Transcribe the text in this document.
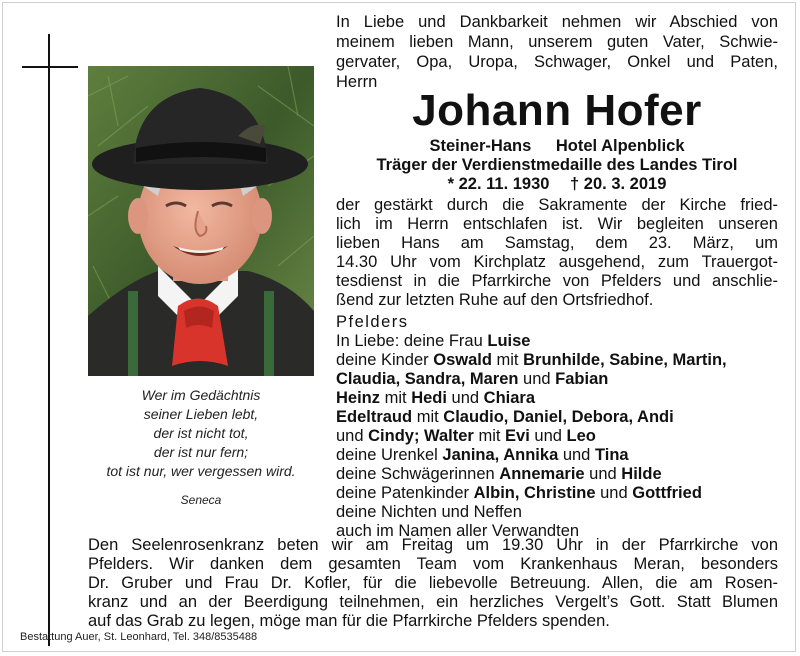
Wer im Gedächtnis
seiner Lieben lebt,
der ist nicht tot,
der ist nur fern;
tot ist nur, wer vergessen wird.
Seneca
In Liebe und Dankbarkeit nehmen wir Abschied von
meinem lieben Mann, unserem guten Vater, Schwie-
gervater, Opa, Uropa, Schwager, Onkel und Paten,
Herrn
Johann Hofer
Steiner-Hans Hotel Alpenblick
Träger der Verdienstmedaille des Landes Tirol
* 22. 11. 1930 † 20. 3. 2019
der gestärkt durch die Sakramente der Kirche fried-
lich im Herrn entschlafen ist. Wir begleiten unseren
lieben Hans am Samstag, dem 23. März, um
14.30 Uhr vom Kirchplatz ausgehend, zum Trauergot-
tesdienst in die Pfarrkirche von Pfelders und anschlie-
ßend zur letzten Ruhe auf den Ortsfriedhof.
Pfelders
In Liebe: deine Frau Luise
deine Kinder Oswald mit Brunhilde, Sabine, Martin,
Claudia, Sandra, Maren und Fabian
Heinz mit Hedi und Chiara
Edeltraud mit Claudio, Daniel, Debora, Andi
und Cindy; Walter mit Evi und Leo
deine Urenkel Janina, Annika und Tina
deine Schwägerinnen Annemarie und Hilde
deine Patenkinder Albin, Christine und Gottfried
deine Nichten und Neffen
auch im Namen aller Verwandten
Den Seelenrosenkranz beten wir am Freitag um 19.30 Uhr in der Pfarrkirche von
Pfelders. Wir danken dem gesamten Team vom Krankenhaus Meran, besonders
Dr. Gruber und Frau Dr. Kofler, für die liebevolle Betreuung. Allen, die am Rosen-
kranz und an der Beerdigung teilnehmen, ein herzliches Vergelt’s Gott. Statt Blumen
auf das Grab zu legen, möge man für die Pfarrkirche Pfelders spenden.
Bestattung Auer, St. Leonhard, Tel. 348/8535488
